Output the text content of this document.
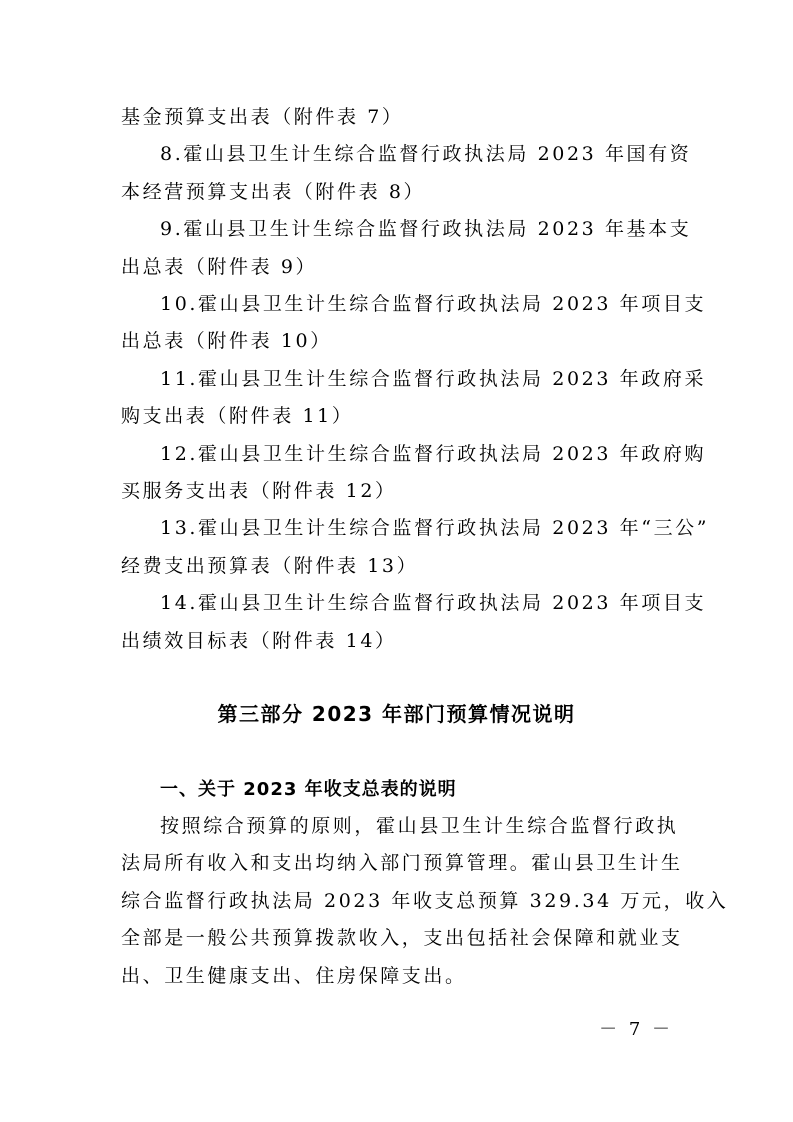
基金预算支出表（附件表 7）
8.霍山县卫生计生综合监督行政执法局 2023 年国有资
本经营预算支出表（附件表 8）
9.霍山县卫生计生综合监督行政执法局 2023 年基本支
出总表（附件表 9）
10.霍山县卫生计生综合监督行政执法局 2023 年项目支
出总表（附件表 10）
11.霍山县卫生计生综合监督行政执法局 2023 年政府采
购支出表（附件表 11）
12.霍山县卫生计生综合监督行政执法局 2023 年政府购
买服务支出表（附件表 12）
13.霍山县卫生计生综合监督行政执法局 2023 年“三公”
经费支出预算表（附件表 13）
14.霍山县卫生计生综合监督行政执法局 2023 年项目支
出绩效目标表（附件表 14）
第三部分 2023 年部门预算情况说明
一、关于 2023 年收支总表的说明
按照综合预算的原则，霍山县卫生计生综合监督行政执
法局所有收入和支出均纳入部门预算管理。霍山县卫生计生
综合监督行政执法局 2023 年收支总预算 329.34 万元，收入
全部是一般公共预算拨款收入，支出包括社会保障和就业支
出、卫生健康支出、住房保障支出。
－ 7 －
